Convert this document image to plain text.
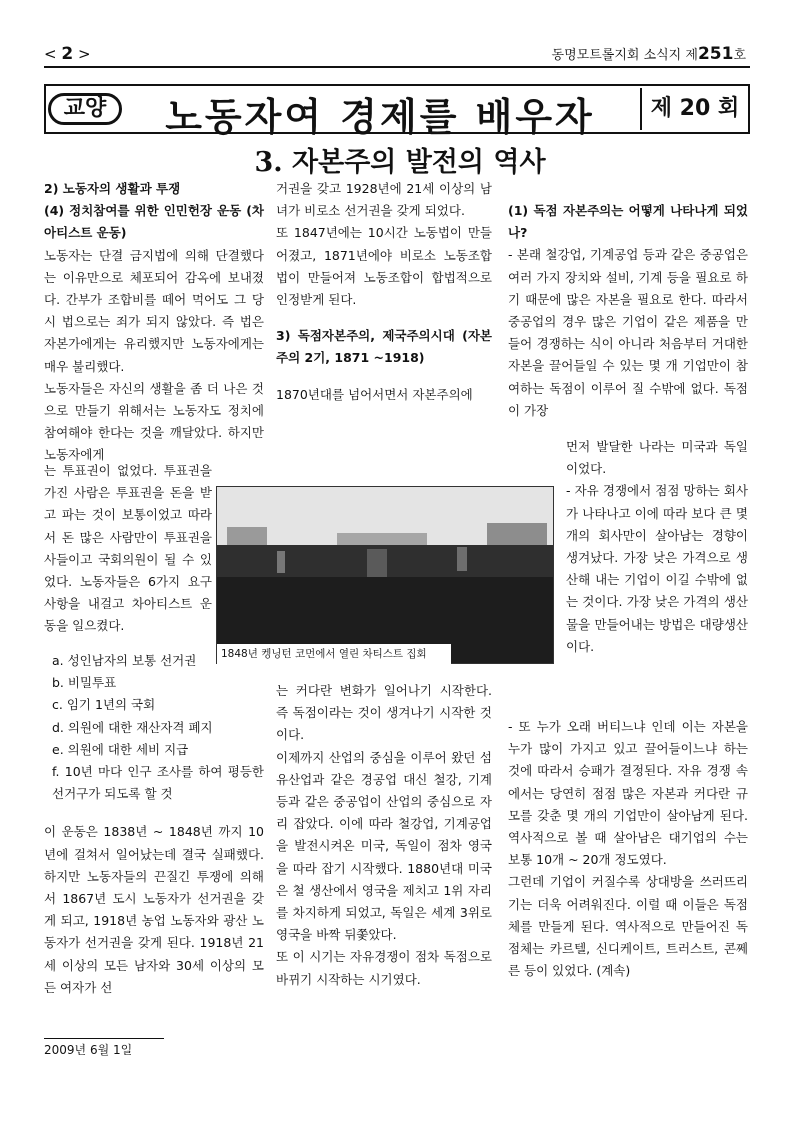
< 2 >	동명모트롤지회 소식지 제251호
교양	노동자여 경제를 배우자	제 20 회
3. 자본주의 발전의 역사

2) 노동자의 생활과 투쟁

(4) 정치참여를 위한 인민헌장 운동 (차아티스트 운동)

노동자는 단결 금지법에 의해 단결했다는 이유만으로 체포되어 감옥에 보내졌다. 간부가 조합비를 떼어 먹어도 그 당시 법으로는 죄가 되지 않았다. 즉 법은 자본가에게는 유리했지만 노동자에게는 매우 불리했다.

노동자들은 자신의 생활을 좀 더 나은 것으로 만들기 위해서는 노동자도 정치에 참여해야 한다는 것을 깨달았다. 하지만 노동자에게

는 투표권이 없었다. 투표권을 가진 사람은 투표권을 돈을 받고 파는 것이 보통이었고 따라서 돈 많은 사람만이 투표권을 사들이고 국회의원이 될 수 있었다. 노동자들은 6가지 요구사항을 내걸고 차아티스트 운동을 일으켰다.

a. 성인남자의 보통 선거권
b. 비밀투표
c. 임기 1년의 국회
d. 의원에 대한 재산자격 폐지
e. 의원에 대한 세비 지급
f. 10년 마다 인구 조사를 하여 평등한 선거구가 되도록 할 것

이 운동은 1838년 ~ 1848년 까지 10년에 걸쳐서 일어났는데 결국 실패했다. 하지만 노동자들의 끈질긴 투쟁에 의해서 1867년 도시 노동자가 선거권을 갖게 되고, 1918년 농업 노동자와 광산 노동자가 선거권을 갖게 된다. 1918년 21세 이상의 모든 남자와 30세 이상의 모든 여자가 선

거권을 갖고 1928년에 21세 이상의 남녀가 비로소 선거권을 갖게 되었다.

또 1847년에는 10시간 노동법이 만들어졌고, 1871년에야 비로소 노동조합법이 만들어져 노동조합이 합법적으로 인정받게 된다.

3) 독점자본주의, 제국주의시대 (자본주의 2기, 1871 ~1918)

1870년대를 넘어서면서 자본주의에

1848년 켕닝턴 코먼에서 열린 차티스트 집회

는 커다란 변화가 일어나기 시작한다. 즉 독점이라는 것이 생겨나기 시작한 것이다.

이제까지 산업의 중심을 이루어 왔던 섬유산업과 같은 경공업 대신 철강, 기계 등과 같은 중공업이 산업의 중심으로 자리 잡았다. 이에 따라 철강업, 기계공업을 발전시켜온 미국, 독일이 점차 영국을 따라 잡기 시작했다. 1880년대 미국은 철 생산에서 영국을 제치고 1위 자리를 차지하게 되었고, 독일은 세계 3위로 영국을 바짝 뒤쫓았다.

또 이 시기는 자유경쟁이 점차 독점으로 바뀌기 시작하는 시기였다.

(1) 독점 자본주의는 어떻게 나타나게 되었나?

- 본래 철강업, 기계공업 등과 같은 중공업은 여러 가지 장치와 설비, 기계 등을 필요로 하기 때문에 많은 자본을 필요로 한다. 따라서 중공업의 경우 많은 기업이 같은 제품을 만들어 경쟁하는 식이 아니라 처음부터 거대한 자본을 끌어들일 수 있는 몇 개 기업만이 참여하는 독점이 이루어 질 수밖에 없다. 독점이 가장

먼저 발달한 나라는 미국과 독일이었다.

- 자유 경쟁에서 점점 망하는 회사가 나타나고 이에 따라 보다 큰 몇 개의 회사만이 살아남는 경향이 생겨났다. 가장 낮은 가격으로 생산해 내는 기업이 이길 수밖에 없는 것이다. 가장 낮은 가격의 생산물을 만들어내는 방법은 대량생산 이다.

- 또 누가 오래 버티느냐 인데 이는 자본을 누가 많이 가지고 있고 끌어들이느냐 하는 것에 따라서 승패가 결정된다. 자유 경쟁 속에서는 당연히 점점 많은 자본과 커다란 규모를 갖춘 몇 개의 기업만이 살아남게 된다. 역사적으로 볼 때 살아남은 대기업의 수는 보통 10개 ~ 20개 정도였다.

그런데 기업이 커질수록 상대방을 쓰러뜨리기는 더욱 어려워진다. 이럴 때 이들은 독점체를 만들게 된다. 역사적으로 만들어진 독점체는 카르텔, 신디케이트, 트러스트, 콘쩨른 등이 있었다. (계속)

2009년 6월 1일
